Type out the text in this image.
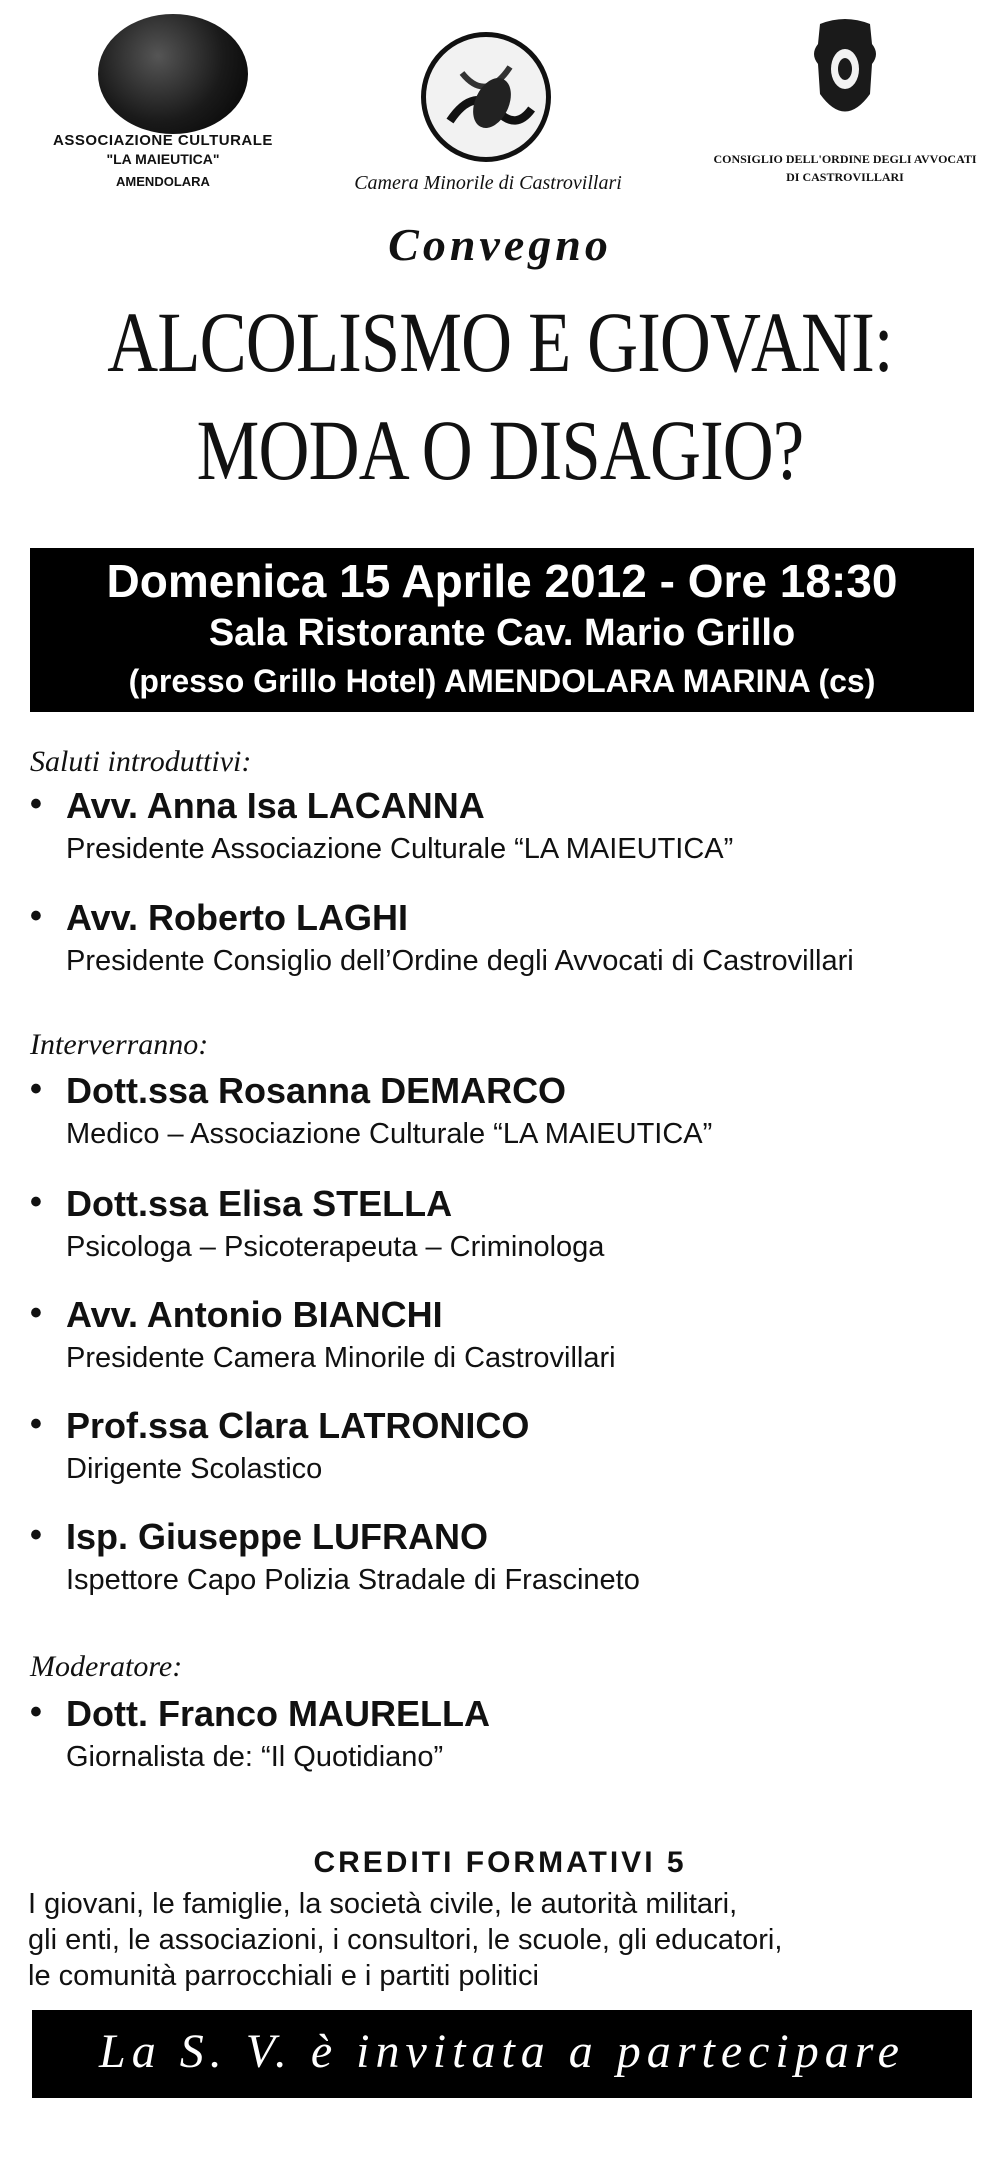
ASSOCIAZIONE CULTURALE
"LA MAIEUTICA"
AMENDOLARA	Camera Minorile di Castrovillari
CONSIGLIO DELL'ORDINE DEGLI AVVOCATI
DI CASTROVILLARI
Convegno
ALCOLISMO E GIOVANI:
MODA O DISAGIO?
Domenica 15 Aprile 2012 - Ore 18:30
Sala Ristorante Cav. Mario Grillo
(presso Grillo Hotel) AMENDOLARA MARINA (cs)
Saluti introduttivi:
• Avv. Anna Isa LACANNA
Presidente Associazione Culturale “LA MAIEUTICA”
• Avv. Roberto LAGHI
Presidente Consiglio dell’Ordine degli Avvocati di Castrovillari
Interverranno:
• Dott.ssa Rosanna DEMARCO
Medico – Associazione Culturale “LA MAIEUTICA”
• Dott.ssa Elisa STELLA
Psicologa – Psicoterapeuta – Criminologa
• Avv. Antonio BIANCHI
Presidente Camera Minorile di Castrovillari
• Prof.ssa Clara LATRONICO
Dirigente Scolastico
• Isp. Giuseppe LUFRANO
Ispettore Capo Polizia Stradale di Frascineto
Moderatore:
• Dott. Franco MAURELLA
Giornalista de: “Il Quotidiano”
CREDITI FORMATIVI 5
I giovani, le famiglie, la società civile, le autorità militari,
gli enti, le associazioni, i consultori, le scuole, gli educatori,
le comunità parrocchiali e i partiti politici
La S. V. è invitata a partecipare
